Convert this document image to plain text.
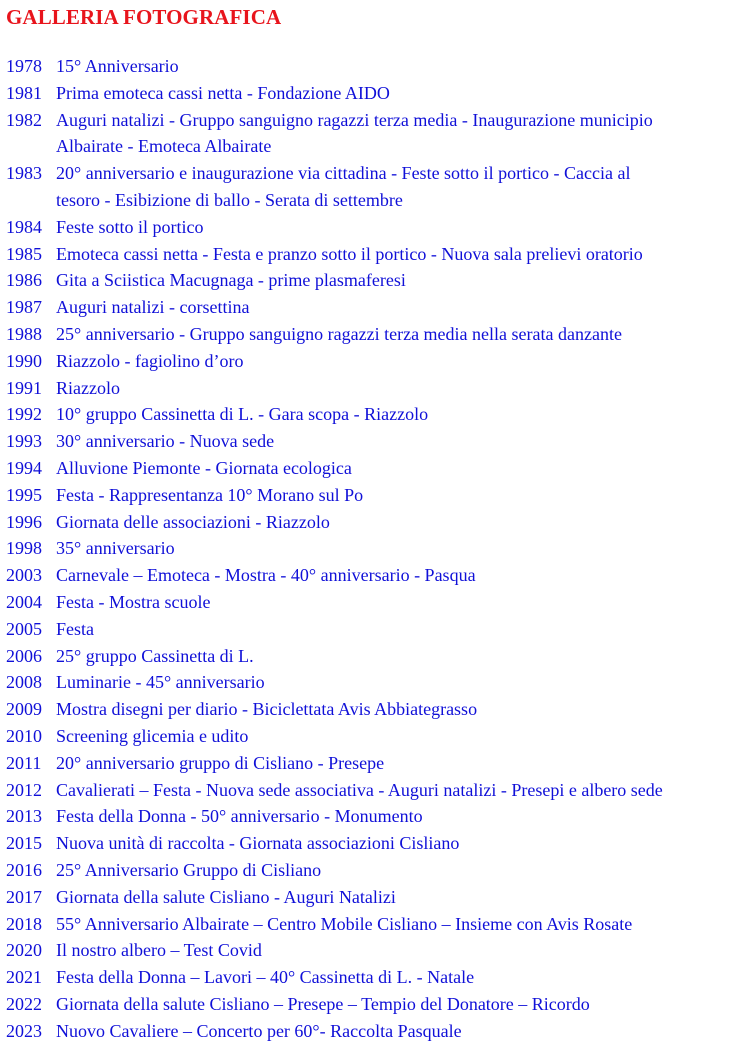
GALLERIA FOTOGRAFICA
1978 15° Anniversario
1981 Prima emoteca cassi netta - Fondazione AIDO
1982 Auguri natalizi - Gruppo sanguigno ragazzi terza media - Inaugurazione municipio
Albairate - Emoteca Albairate
1983 20° anniversario e inaugurazione via cittadina - Feste sotto il portico - Caccia al
tesoro - Esibizione di ballo - Serata di settembre
1984 Feste sotto il portico
1985 Emoteca cassi netta - Festa e pranzo sotto il portico - Nuova sala prelievi oratorio
1986 Gita a Sciistica Macugnaga - prime plasmaferesi
1987 Auguri natalizi - corsettina
1988 25° anniversario - Gruppo sanguigno ragazzi terza media nella serata danzante
1990 Riazzolo - fagiolino d’oro
1991 Riazzolo
1992 10° gruppo Cassinetta di L. - Gara scopa - Riazzolo
1993 30° anniversario - Nuova sede
1994 Alluvione Piemonte - Giornata ecologica
1995 Festa - Rappresentanza 10° Morano sul Po
1996 Giornata delle associazioni - Riazzolo
1998 35° anniversario
2003 Carnevale – Emoteca - Mostra - 40° anniversario - Pasqua
2004 Festa - Mostra scuole
2005 Festa
2006 25° gruppo Cassinetta di L.
2008 Luminarie - 45° anniversario
2009 Mostra disegni per diario - Biciclettata Avis Abbiategrasso
2010 Screening glicemia e udito
2011 20° anniversario gruppo di Cisliano - Presepe
2012 Cavalierati – Festa - Nuova sede associativa - Auguri natalizi - Presepi e albero sede
2013 Festa della Donna - 50° anniversario - Monumento
2015 Nuova unità di raccolta - Giornata associazioni Cisliano
2016 25° Anniversario Gruppo di Cisliano
2017 Giornata della salute Cisliano - Auguri Natalizi
2018 55° Anniversario Albairate – Centro Mobile Cisliano – Insieme con Avis Rosate
2020 Il nostro albero – Test Covid
2021 Festa della Donna – Lavori – 40° Cassinetta di L. - Natale
2022 Giornata della salute Cisliano – Presepe – Tempio del Donatore – Ricordo
2023 Nuovo Cavaliere – Concerto per 60°- Raccolta Pasquale
